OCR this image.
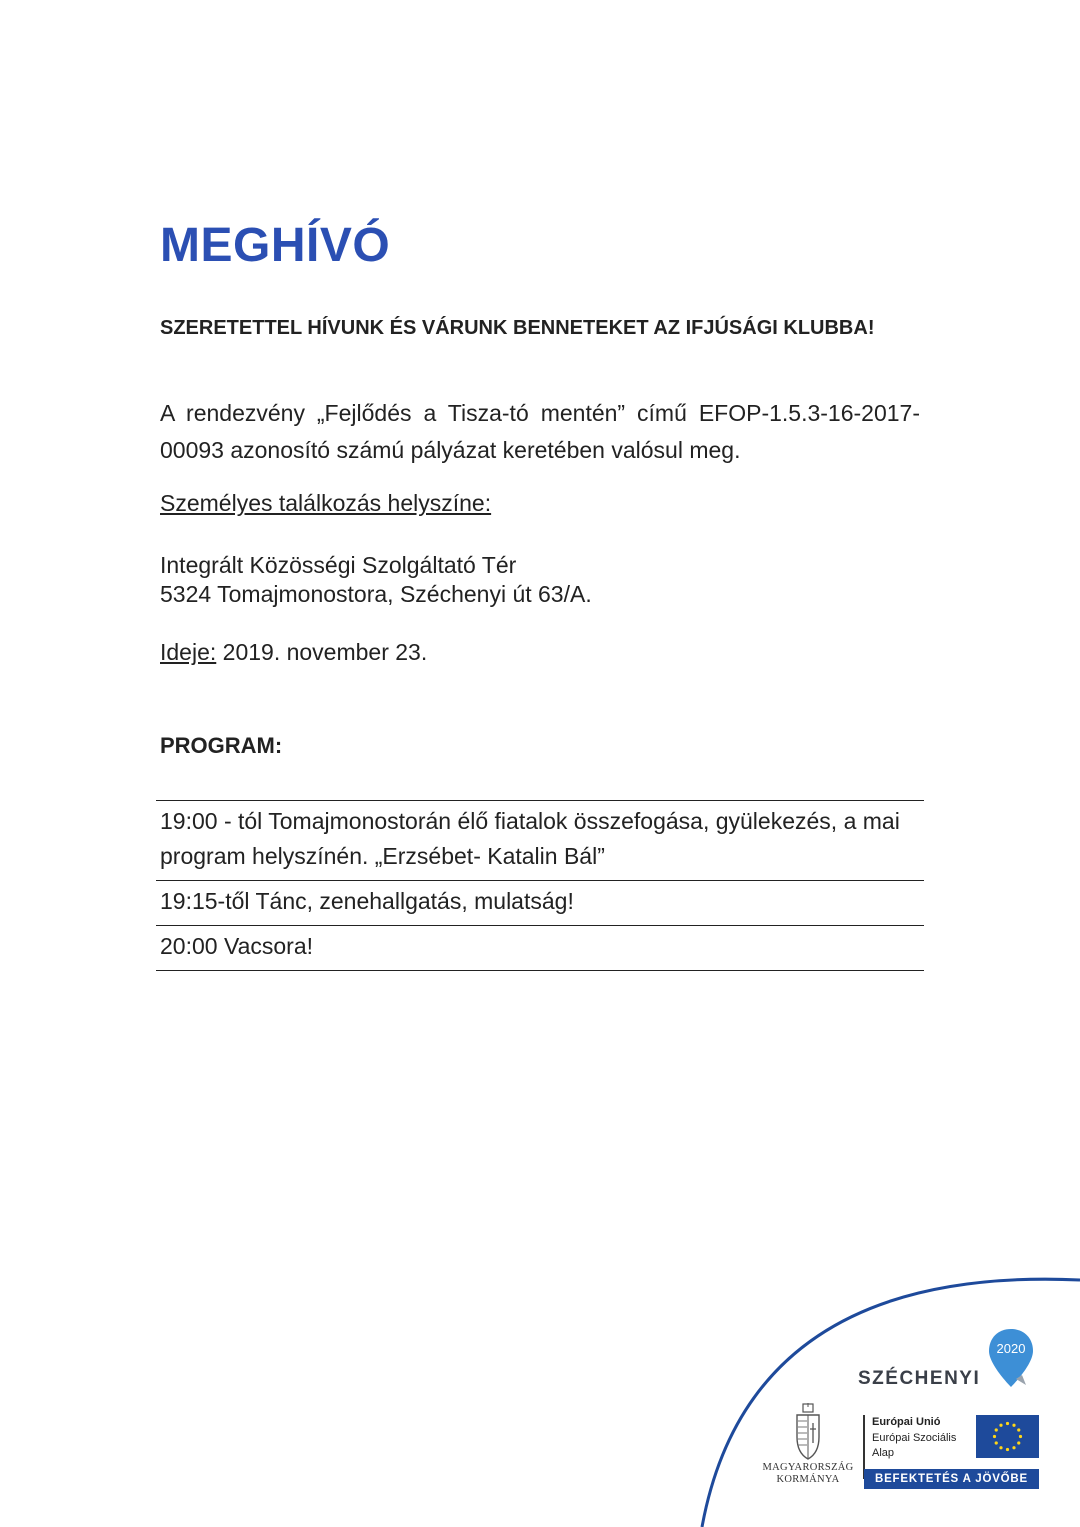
MEGHÍVÓ

SZERETETTEL HÍVUNK ÉS VÁRUNK BENNETEKET AZ IFJÚSÁGI KLUBBA!

A rendezvény „Fejlődés a Tisza-tó mentén” című EFOP-1.5.3-16-2017-00093 azonosító számú pályázat keretében valósul meg.

Személyes találkozás helyszíne:

Integrált Közösségi Szolgáltató Tér
5324 Tomajmonostora, Széchenyi út 63/A.

Ideje: 2019. november 23.

PROGRAM:

19:00 - tól Tomajmonostorán élő fiatalok összefogása, gyülekezés, a mai program helyszínén. „Erzsébet- Katalin Bál”
19:15-től Tánc, zenehallgatás, mulatság!
20:00 Vacsora!
SZÉCHENYI
2020
MAGYARORSZÁG
KORMÁNYA
Európai Unió
Európai Szociális
Alap
BEFEKTETÉS A JÖVŐBE
